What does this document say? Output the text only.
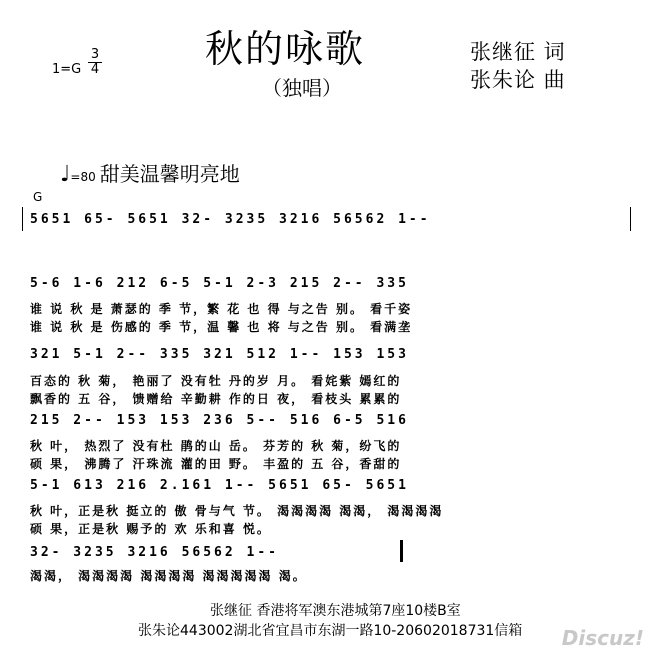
秋的咏歌
（独唱）
$1=G \frac{3}{4}$	张继征 词
张朱论 曲
♩=80 甜美温馨明亮地
G
5651 65- 5651 32- 3235 3216 56562 1--
5-6 1-6 212 6-5 5-1 2-3 215 2-- 335
谁 说 秋 是 萧瑟的 季 节，繁 花 也 得 与之告 别。 看千姿
谁 说 秋 是 伤感的 季 节，温 馨 也 将 与之告 别。 看满垄
321 5-1 2-- 335 321 512 1-- 153 153
百态的 秋 菊， 艳丽了 没有牡 丹的岁 月。 看姹紫 嫣红的
飘香的 五 谷， 馈赠给 辛勤耕 作的日 夜， 看枝头 累累的
215 2-- 153 153 236 5-- 516 6-5 516
秋 叶， 热烈了 没有杜 鹃的山 岳。 芬芳的 秋 菊，纷飞的
硕 果， 沸腾了 汗珠流 灌的田 野。 丰盈的 五 谷，香甜的
5-1 613 216 2.161 1-- 5651 65- 5651
秋 叶，正是秋 挺立的 傲 骨与气 节。 渴渴渴渴 渴渴， 渴渴渴渴
硕 果，正是秋 赐予的 欢 乐和喜 悦。
32- 3235 3216 56562 1--
渴渴， 渴渴渴渴 渴渴渴渴 渴渴渴渴渴 渴。
张继征 香港将军澳东港城第7座10楼B室
张朱论443002湖北省宜昌市东湖一路10-20602018731信箱 Discuz!
